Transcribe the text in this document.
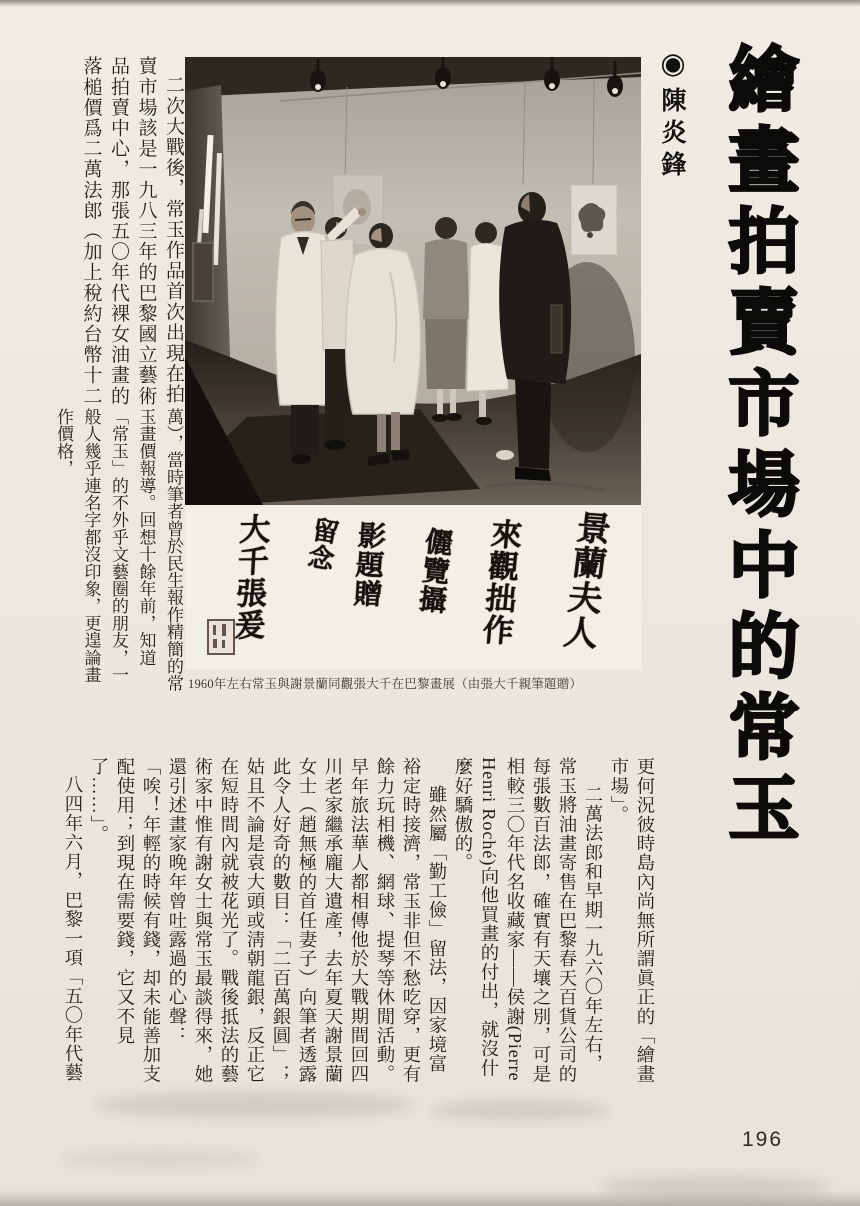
景蘭夫人
來觀拙作
儷覽攝
影題贈
留念
大千張爰
1960年左右常玉與謝景蘭同觀張大千在巴黎畫展（由張大千親筆題贈）	繪畫拍賣市場中的常玉
◉陳炎鋒

二次大戰後，常玉作品首次出現在拍賣市場該是一九八三年的巴黎國立藝術品拍賣中心，那張五〇年代裸女油畫的落槌價爲二萬法郎（加上稅約台幣十二

萬），當時筆者曾於民生報作精簡的常玉畫價報導。回想十餘年前，知道「常玉」的不外乎文藝圈的朋友，一般人幾乎連名字都沒印象，更遑論畫作價格，

更何況彼時島內尚無所謂眞正的「繪畫市場」。

二萬法郎和早期一九六〇年左右，常玉將油畫寄售在巴黎春天百貨公司的每張數百法郎，確實有天壤之別，可是相較三〇年代名收藏家——侯謝(Pierre Henri Roché)向他買畫的付出，就沒什麼好驕傲的。

雖然屬「勤工儉」留法，因家境富裕定時接濟，常玉非但不愁吃穿，更有餘力玩相機、網球、提琴等休閒活動。早年旅法華人都相傳他於大戰期間回四川老家繼承龐大遺產，去年夏天謝景蘭女士（趙無極的首任妻子）向筆者透露此令人好奇的數目：「二百萬銀圓」；姑且不論是袁大頭或淸朝龍銀，反正它在短時間內就被花光了。戰後抵法的藝術家中惟有謝女士與常玉最談得來，她還引述畫家晚年曾吐露過的心聲：「唉！年輕的時候有錢，却未能善加支配使用；到現在需要錢，它又不見了……」。

八四年六月，巴黎一項「五〇年代藝

196
